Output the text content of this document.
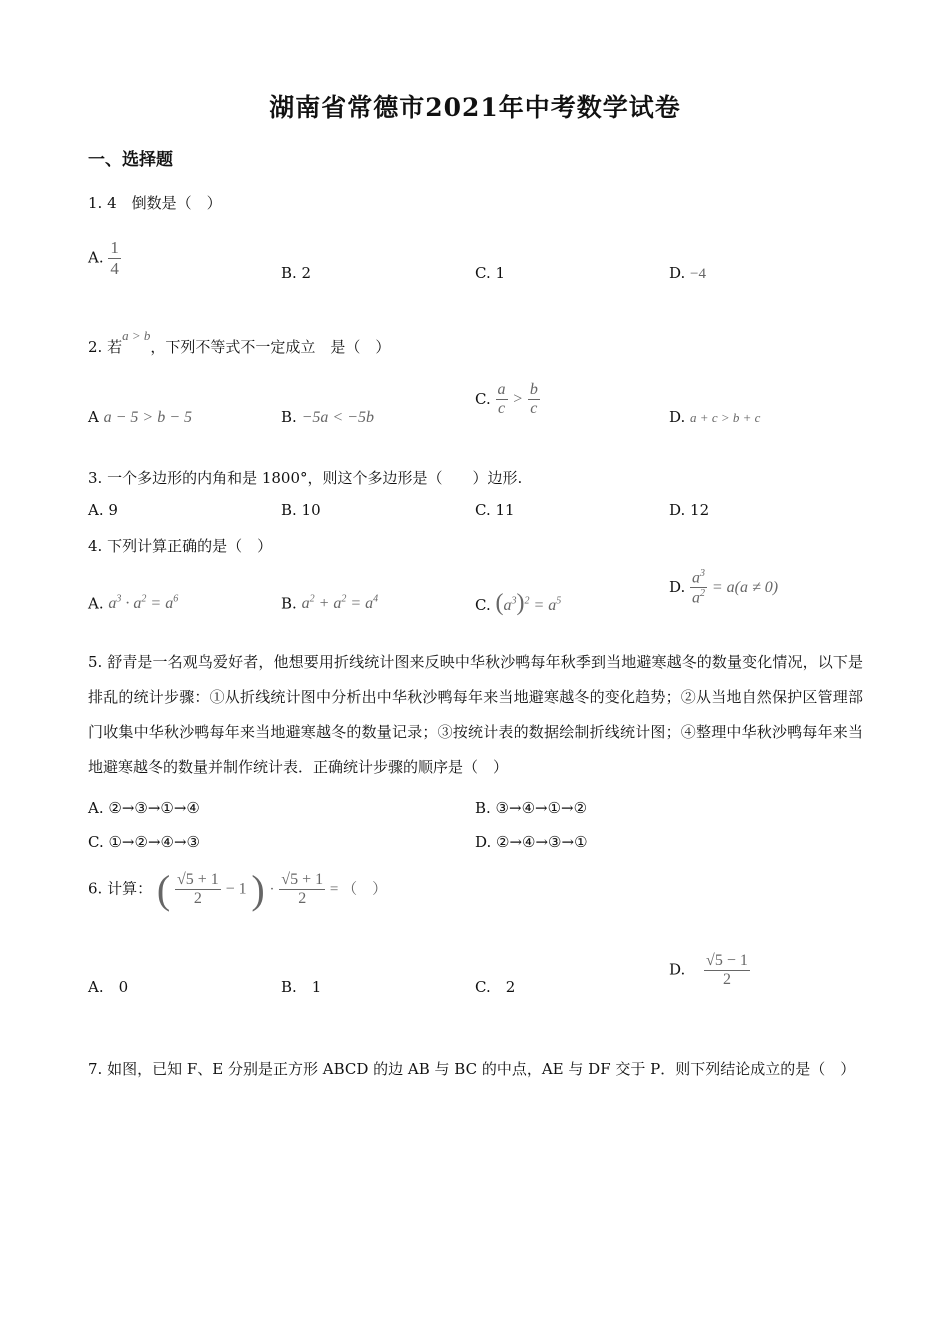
湖南省常德市2021年中考数学试卷
一、选择题
1. 4　倒数是（　）
A. $\frac{1}{4}$	B. 2	C. 1	D. −4
2. 若a > b，下列不等式不一定成立　是（　）
A a − 5 > b − 5	B. −5a < −5b
C. $\frac{a}{c} > \frac{b}{c}$	D. a + c > b + c
3. 一个多边形的内角和是 1800°，则这个多边形是（　　）边形.
A. 9	B. 10	C. 11	D. 12
4. 下列计算正确的是（　）
A. $a^3 \cdot a^2 = a^6$	B. $a^2 + a^2 = a^4$	C. $(a^3)^2 = a^5$
D. $\frac{a^3}{a^2} = a(a \ne 0)$
5. 舒青是一名观鸟爱好者，他想要用折线统计图来反映中华秋沙鸭每年秋季到当地避寒越冬的数量变化情况，以下是排乱的统计步骤：①从折线统计图中分析出中华秋沙鸭每年来当地避寒越冬的变化趋势；②从当地自然保护区管理部门收集中华秋沙鸭每年来当地避寒越冬的数量记录；③按统计表的数据绘制折线统计图；④整理中华秋沙鸭每年来当地避寒越冬的数量并制作统计表．正确统计步骤的顺序是（　）
A. ②→③→①→④	B. ③→④→①→②
C. ①→②→④→③	D. ②→④→③→①
6. 计算： ( $\frac{√5 + 1}{2} - 1$ ) · $\frac{√5 + 1}{2}$ = （　）
A.　0	B.　1	C.　2
D. $\frac{√5 - 1}{2}$
7. 如图，已知 F、E 分别是正方形 ABCD 的边 AB 与 BC 的中点，AE 与 DF 交于 P．则下列结论成立的是（　）
